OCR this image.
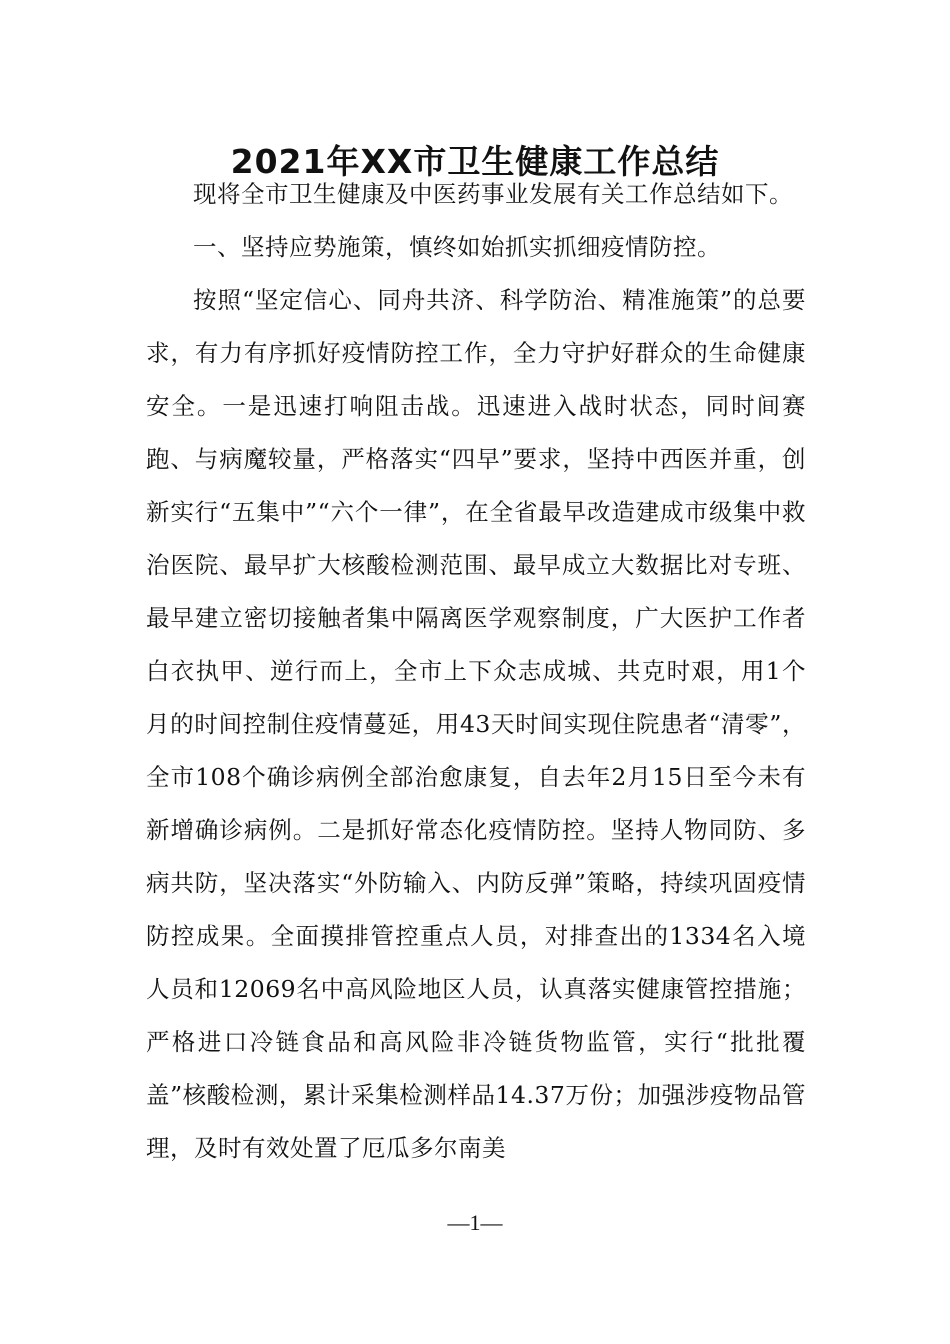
2021年XX市卫生健康工作总结

现将全市卫生健康及中医药事业发展有关工作总结如下。

一、坚持应势施策，慎终如始抓实抓细疫情防控。

按照“坚定信心、同舟共济、科学防治、精准施策”的总要求，有力有序抓好疫情防控工作，全力守护好群众的生命健康安全。一是迅速打响阻击战。迅速进入战时状态，同时间赛跑、与病魔较量，严格落实“四早”要求，坚持中西医并重，创新实行“五集中”“六个一律”，在全省最早改造建成市级集中救治医院、最早扩大核酸检测范围、最早成立大数据比对专班、最早建立密切接触者集中隔离医学观察制度，广大医护工作者白衣执甲、逆行而上，全市上下众志成城、共克时艰，用1个月的时间控制住疫情蔓延，用43天时间实现住院患者“清零”，全市108个确诊病例全部治愈康复，自去年2月15日至今未有新增确诊病例。二是抓好常态化疫情防控。坚持人物同防、多病共防，坚决落实“外防输入、内防反弹”策略，持续巩固疫情防控成果。全面摸排管控重点人员，对排查出的1334名入境人员和12069名中高风险地区人员，认真落实健康管控措施；严格进口冷链食品和高风险非冷链货物监管，实行“批批覆盖”核酸检测，累计采集检测样品14.37万份；加强涉疫物品管理，及时有效处置了厄瓜多尔南美

—1—
